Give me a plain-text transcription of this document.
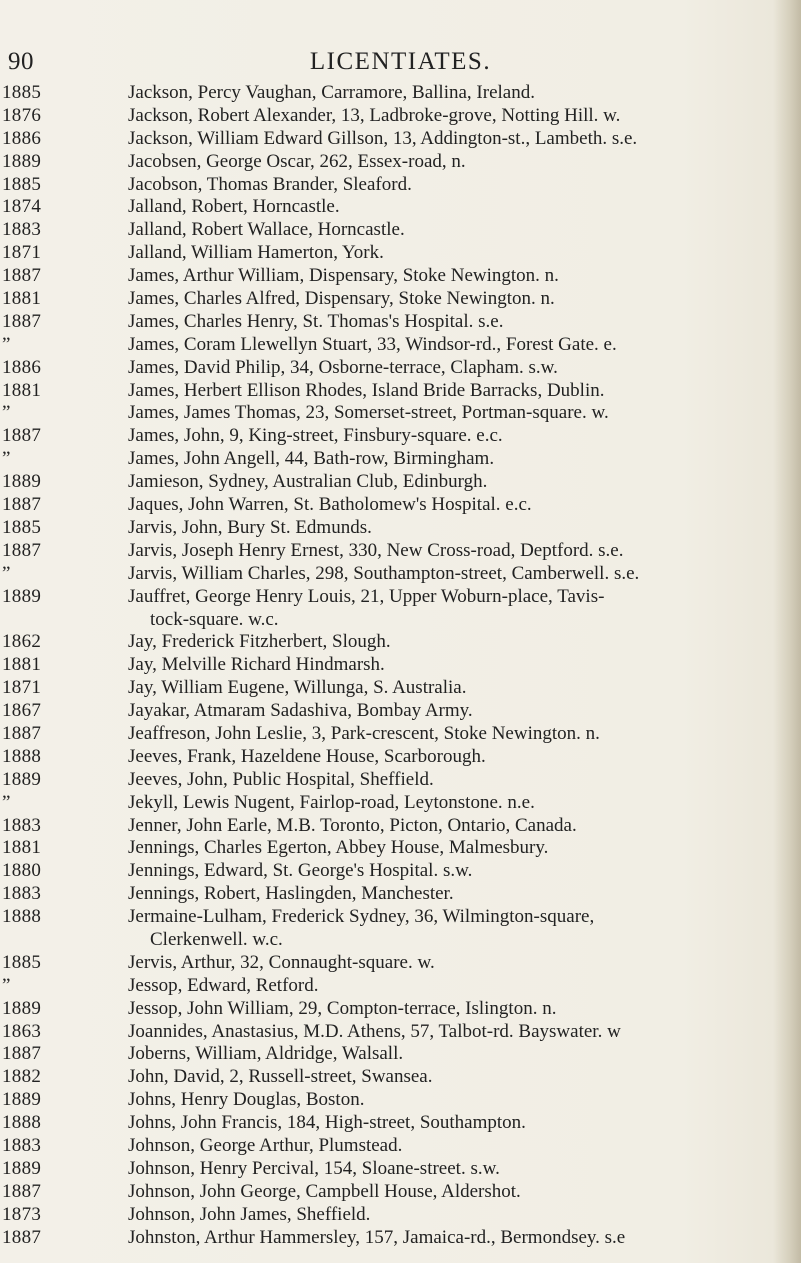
90	LICENTIATES.
1885	Jackson, Percy Vaughan, Carramore, Ballina, Ireland.
1876	Jackson, Robert Alexander, 13, Ladbroke-grove, Notting Hill. w.
1886	Jackson, William Edward Gillson, 13, Addington-st., Lambeth. s.e.
1889	Jacobsen, George Oscar, 262, Essex-road, n.
1885	Jacobson, Thomas Brander, Sleaford.
1874	Jalland, Robert, Horncastle.
1883	Jalland, Robert Wallace, Horncastle.
1871	Jalland, William Hamerton, York.
1887	James, Arthur William, Dispensary, Stoke Newington. n.
1881	James, Charles Alfred, Dispensary, Stoke Newington. n.
1887	James, Charles Henry, St. Thomas's Hospital. s.e.
”	James, Coram Llewellyn Stuart, 33, Windsor-rd., Forest Gate. e.
1886	James, David Philip, 34, Osborne-terrace, Clapham. s.w.
1881	James, Herbert Ellison Rhodes, Island Bride Barracks, Dublin.
”	James, James Thomas, 23, Somerset-street, Portman-square. w.
1887	James, John, 9, King-street, Finsbury-square. e.c.
”	James, John Angell, 44, Bath-row, Birmingham.
1889	Jamieson, Sydney, Australian Club, Edinburgh.
1887	Jaques, John Warren, St. Batholomew's Hospital. e.c.
1885	Jarvis, John, Bury St. Edmunds.
1887	Jarvis, Joseph Henry Ernest, 330, New Cross-road, Deptford. s.e.
”	Jarvis, William Charles, 298, Southampton-street, Camberwell. s.e.
1889	Jauffret, George Henry Louis, 21, Upper Woburn-place, Tavis-
tock-square. w.c.
1862	Jay, Frederick Fitzherbert, Slough.
1881	Jay, Melville Richard Hindmarsh.
1871	Jay, William Eugene, Willunga, S. Australia.
1867	Jayakar, Atmaram Sadashiva, Bombay Army.
1887	Jeaffreson, John Leslie, 3, Park-crescent, Stoke Newington. n.
1888	Jeeves, Frank, Hazeldene House, Scarborough.
1889	Jeeves, John, Public Hospital, Sheffield.
”	Jekyll, Lewis Nugent, Fairlop-road, Leytonstone. n.e.
1883	Jenner, John Earle, M.B. Toronto, Picton, Ontario, Canada.
1881	Jennings, Charles Egerton, Abbey House, Malmesbury.
1880	Jennings, Edward, St. George's Hospital. s.w.
1883	Jennings, Robert, Haslingden, Manchester.
1888	Jermaine-Lulham, Frederick Sydney, 36, Wilmington-square,
Clerkenwell. w.c.
1885	Jervis, Arthur, 32, Connaught-square. w.
”	Jessop, Edward, Retford.
1889	Jessop, John William, 29, Compton-terrace, Islington. n.
1863	Joannides, Anastasius, M.D. Athens, 57, Talbot-rd. Bayswater. w
1887	Joberns, William, Aldridge, Walsall.
1882	John, David, 2, Russell-street, Swansea.
1889	Johns, Henry Douglas, Boston.
1888	Johns, John Francis, 184, High-street, Southampton.
1883	Johnson, George Arthur, Plumstead.
1889	Johnson, Henry Percival, 154, Sloane-street. s.w.
1887	Johnson, John George, Campbell House, Aldershot.
1873	Johnson, John James, Sheffield.
1887	Johnston, Arthur Hammersley, 157, Jamaica-rd., Bermondsey. s.e
